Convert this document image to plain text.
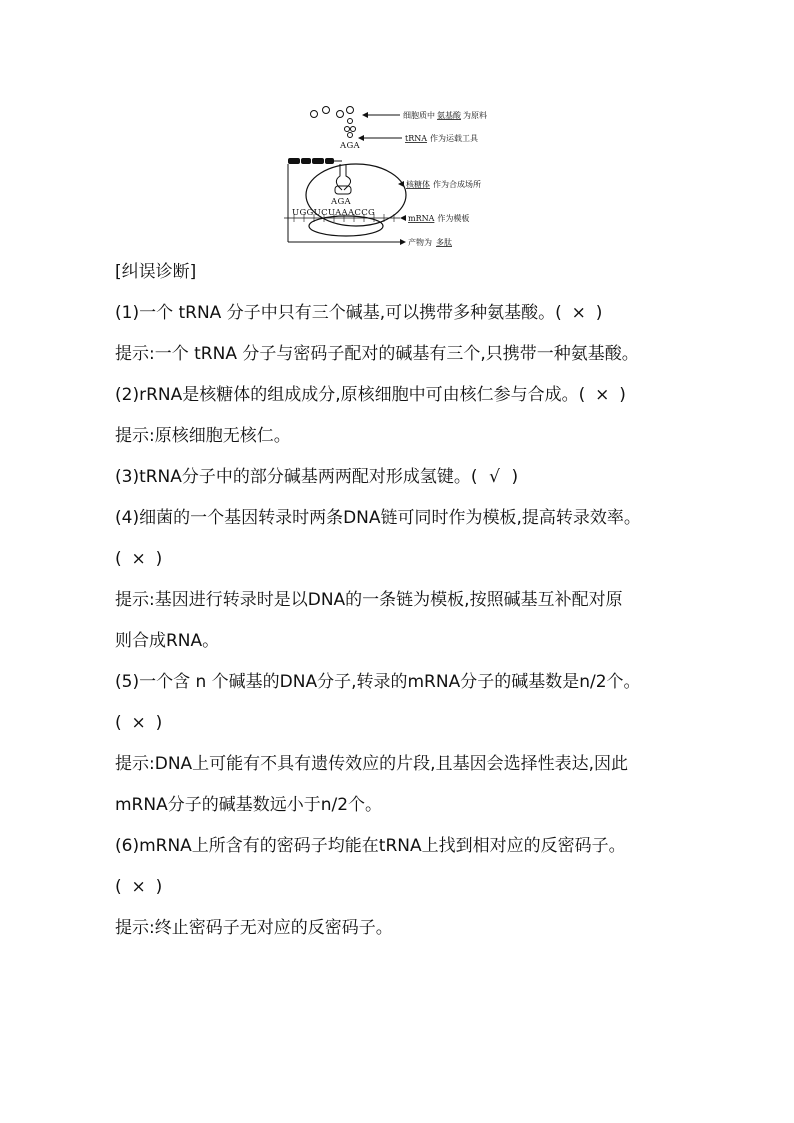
AGA
细胞质中 氨基酸 为原料
tRNA 作为运载工具
AGA
UGGUCUAAACCG
核糖体 作为合成场所
mRNA 作为模板
产物为 多肽
[纠误诊断]
(1)一个 tRNA 分子中只有三个碱基,可以携带多种氨基酸。( × )
提示:一个 tRNA 分子与密码子配对的碱基有三个,只携带一种氨基酸。
(2)rRNA是核糖体的组成成分,原核细胞中可由核仁参与合成。( × )
提示:原核细胞无核仁。
(3)tRNA分子中的部分碱基两两配对形成氢键。( √ )
(4)细菌的一个基因转录时两条DNA链可同时作为模板,提高转录效率。
( × )
提示:基因进行转录时是以DNA的一条链为模板,按照碱基互补配对原
则合成RNA。
(5)一个含 n 个碱基的DNA分子,转录的mRNA分子的碱基数是n/2个。
( × )
提示:DNA上可能有不具有遗传效应的片段,且基因会选择性表达,因此
mRNA分子的碱基数远小于n/2个。
(6)mRNA上所含有的密码子均能在tRNA上找到相对应的反密码子。
( × )
提示:终止密码子无对应的反密码子。
